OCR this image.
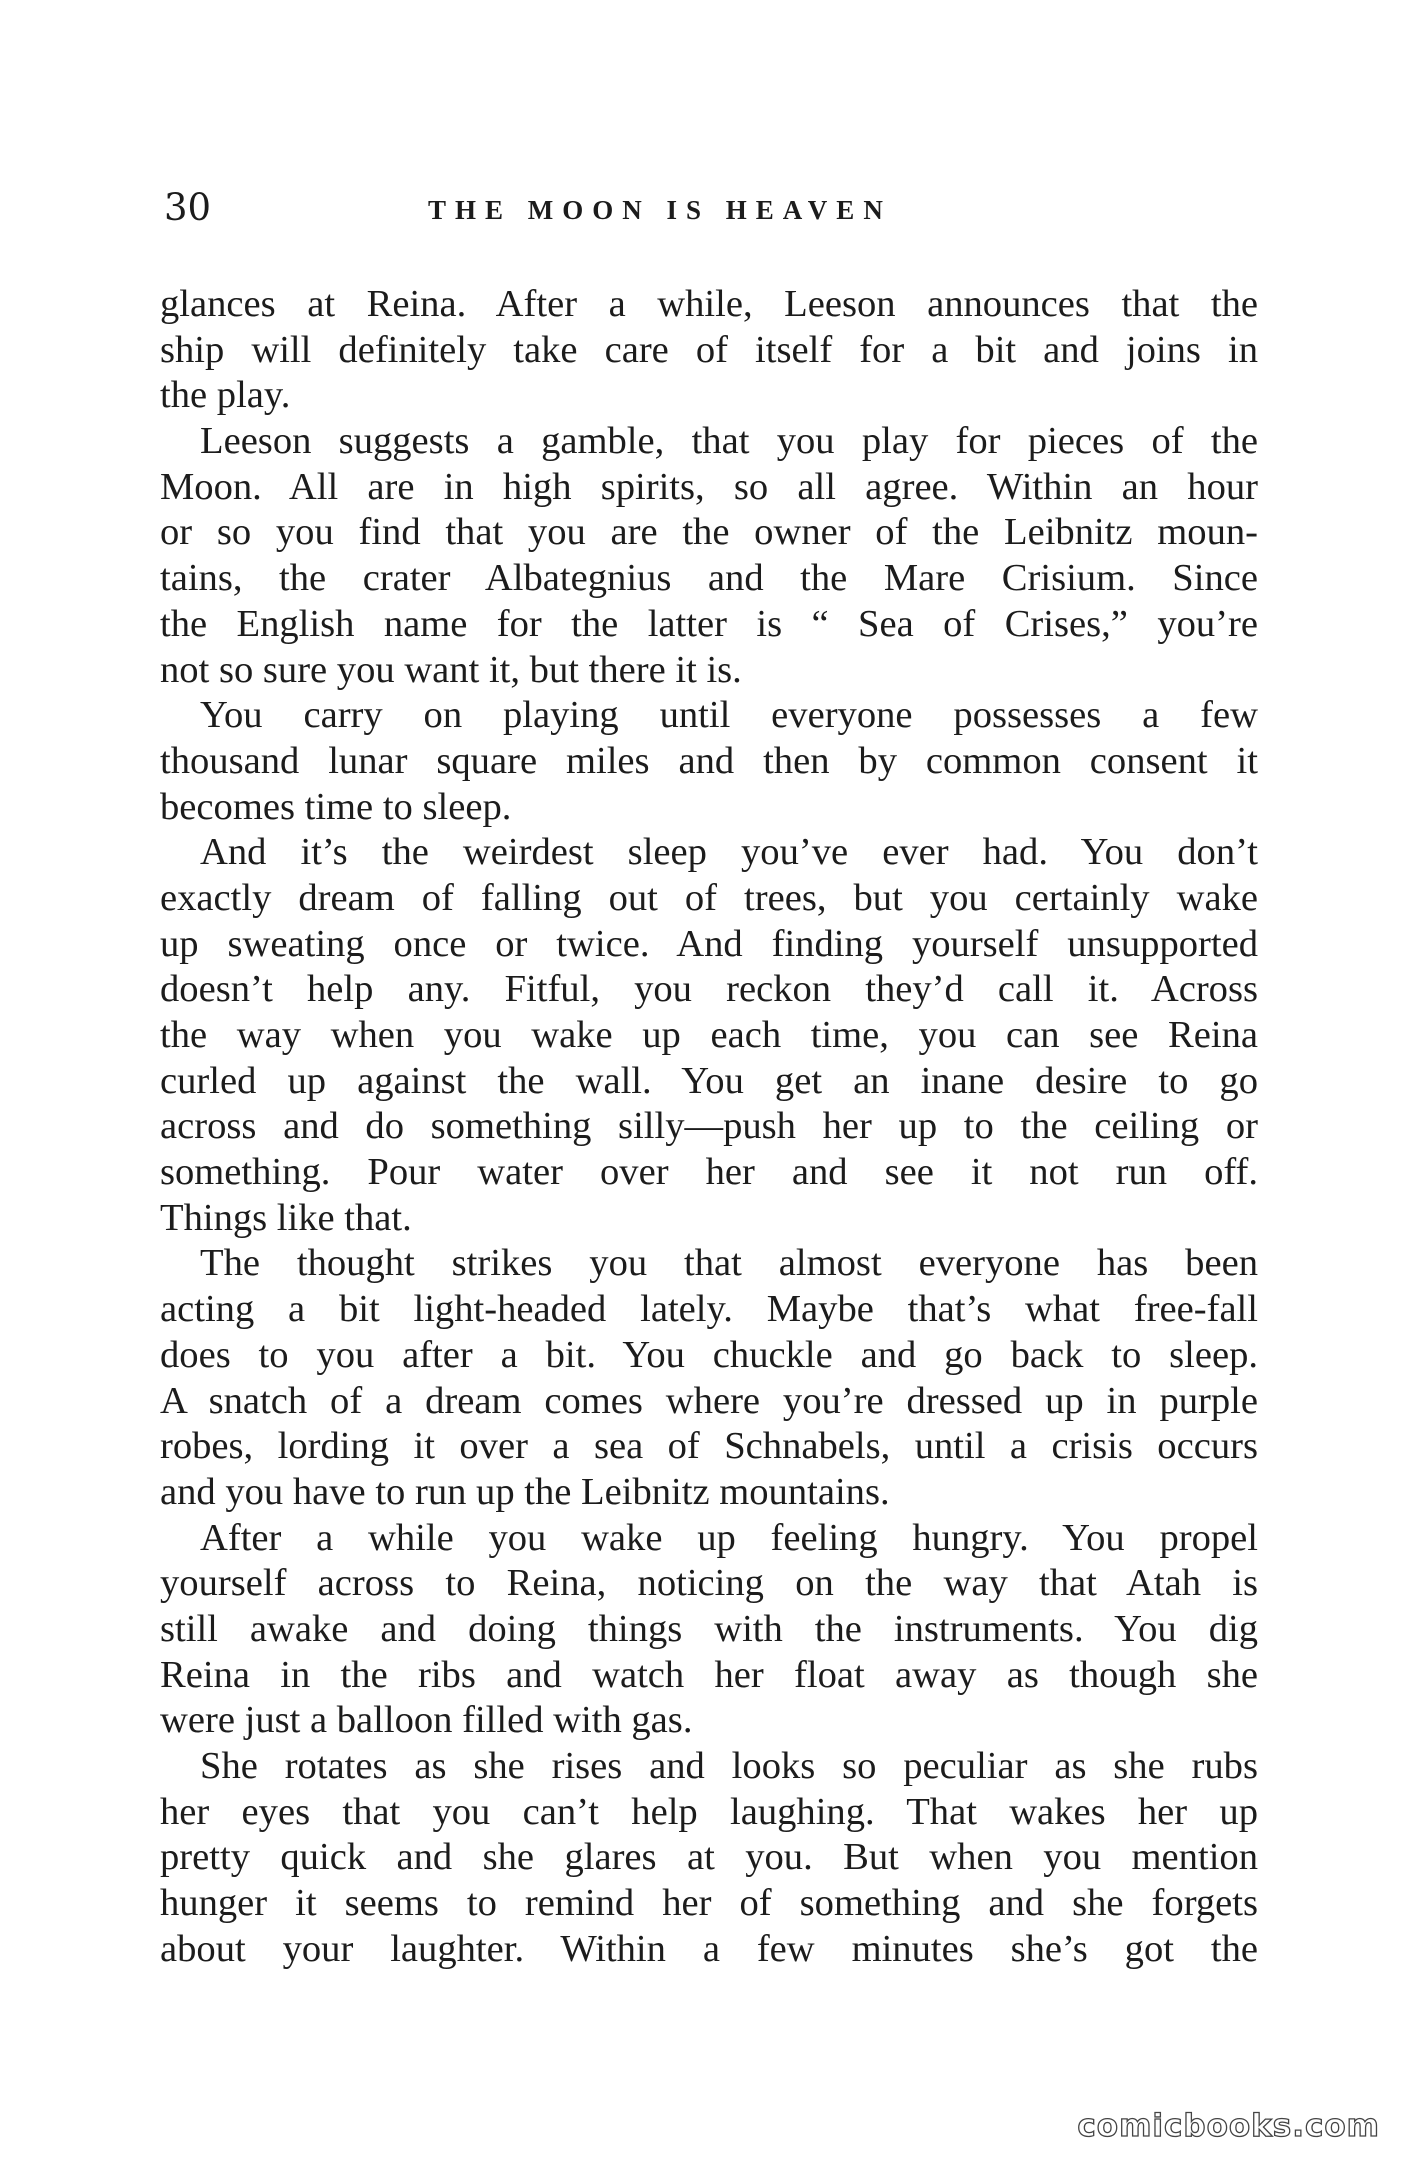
30	THE MOON IS HEAVEN
glances at Reina. After a while, Leeson announces that the
ship will definitely take care of itself for a bit and joins in
the play.
Leeson suggests a gamble, that you play for pieces of the
Moon. All are in high spirits, so all agree. Within an hour
or so you find that you are the owner of the Leibnitz moun-
tains, the crater Albategnius and the Mare Crisium. Since
the English name for the latter is “ Sea of Crises,” you’re
not so sure you want it, but there it is.
You carry on playing until everyone possesses a few
thousand lunar square miles and then by common consent it
becomes time to sleep.
And it’s the weirdest sleep you’ve ever had. You don’t
exactly dream of falling out of trees, but you certainly wake
up sweating once or twice. And finding yourself unsupported
doesn’t help any. Fitful, you reckon they’d call it. Across
the way when you wake up each time, you can see Reina
curled up against the wall. You get an inane desire to go
across and do something silly—push her up to the ceiling or
something. Pour water over her and see it not run off.
Things like that.
The thought strikes you that almost everyone has been
acting a bit light-headed lately. Maybe that’s what free-fall
does to you after a bit. You chuckle and go back to sleep.
A snatch of a dream comes where you’re dressed up in purple
robes, lording it over a sea of Schnabels, until a crisis occurs
and you have to run up the Leibnitz mountains.
After a while you wake up feeling hungry. You propel
yourself across to Reina, noticing on the way that Atah is
still awake and doing things with the instruments. You dig
Reina in the ribs and watch her float away as though she
were just a balloon filled with gas.
She rotates as she rises and looks so peculiar as she rubs
her eyes that you can’t help laughing. That wakes her up
pretty quick and she glares at you. But when you mention
hunger it seems to remind her of something and she forgets
about your laughter. Within a few minutes she’s got the
comicbooks.com
